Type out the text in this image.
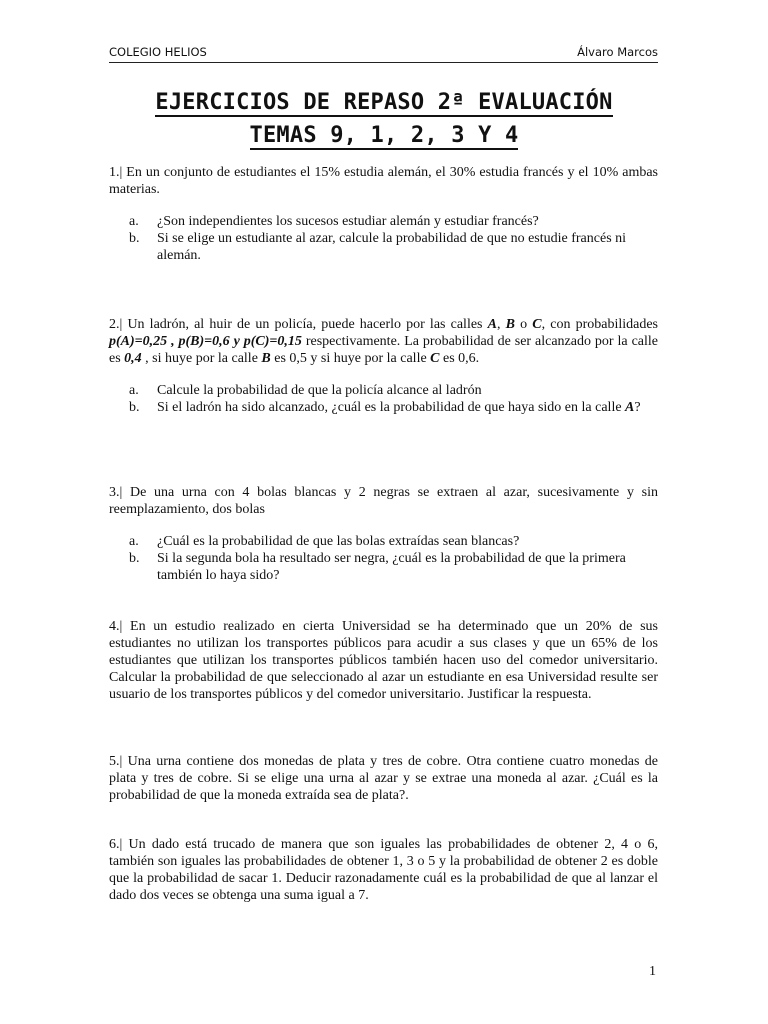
COLEGIO HELIOS	Álvaro Marcos
EJERCICIOS DE REPASO 2ª EVALUACIÓN
TEMAS 9, 1, 2, 3 Y 4

1.| En un conjunto de estudiantes el 15% estudia alemán, el 30% estudia francés y el 10% ambas materias.

a. ¿Son independientes los sucesos estudiar alemán y estudiar francés?
b. Si se elige un estudiante al azar, calcule la probabilidad de que no estudie francés ni alemán.

2.| Un ladrón, al huir de un policía, puede hacerlo por las calles A, B o C, con probabilidades p(A)=0,25 , p(B)=0,6 y p(C)=0,15 respectivamente. La probabilidad de ser alcanzado por la calle es 0,4 , si huye por la calle B es 0,5 y si huye por la calle C es 0,6.

a. Calcule la probabilidad de que la policía alcance al ladrón
b. Si el ladrón ha sido alcanzado, ¿cuál es la probabilidad de que haya sido en la calle A?

3.| De una urna con 4 bolas blancas y 2 negras se extraen al azar, sucesivamente y sin reemplazamiento, dos bolas

a. ¿Cuál es la probabilidad de que las bolas extraídas sean blancas?
b. Si la segunda bola ha resultado ser negra, ¿cuál es la probabilidad de que la primera también lo haya sido?

4.| En un estudio realizado en cierta Universidad se ha determinado que un 20% de sus estudiantes no utilizan los transportes públicos para acudir a sus clases y que un 65% de los estudiantes que utilizan los transportes públicos también hacen uso del comedor universitario. Calcular la probabilidad de que seleccionado al azar un estudiante en esa Universidad resulte ser usuario de los transportes públicos y del comedor universitario. Justificar la respuesta.

5.| Una urna contiene dos monedas de plata y tres de cobre. Otra contiene cuatro monedas de plata y tres de cobre. Si se elige una urna al azar y se extrae una moneda al azar. ¿Cuál es la probabilidad de que la moneda extraída sea de plata?.

6.| Un dado está trucado de manera que son iguales las probabilidades de obtener 2, 4 o 6, también son iguales las probabilidades de obtener 1, 3 o 5 y la probabilidad de obtener 2 es doble que la probabilidad de sacar 1. Deducir razonadamente cuál es la probabilidad de que al lanzar el dado dos veces se obtenga una suma igual a 7.

1
